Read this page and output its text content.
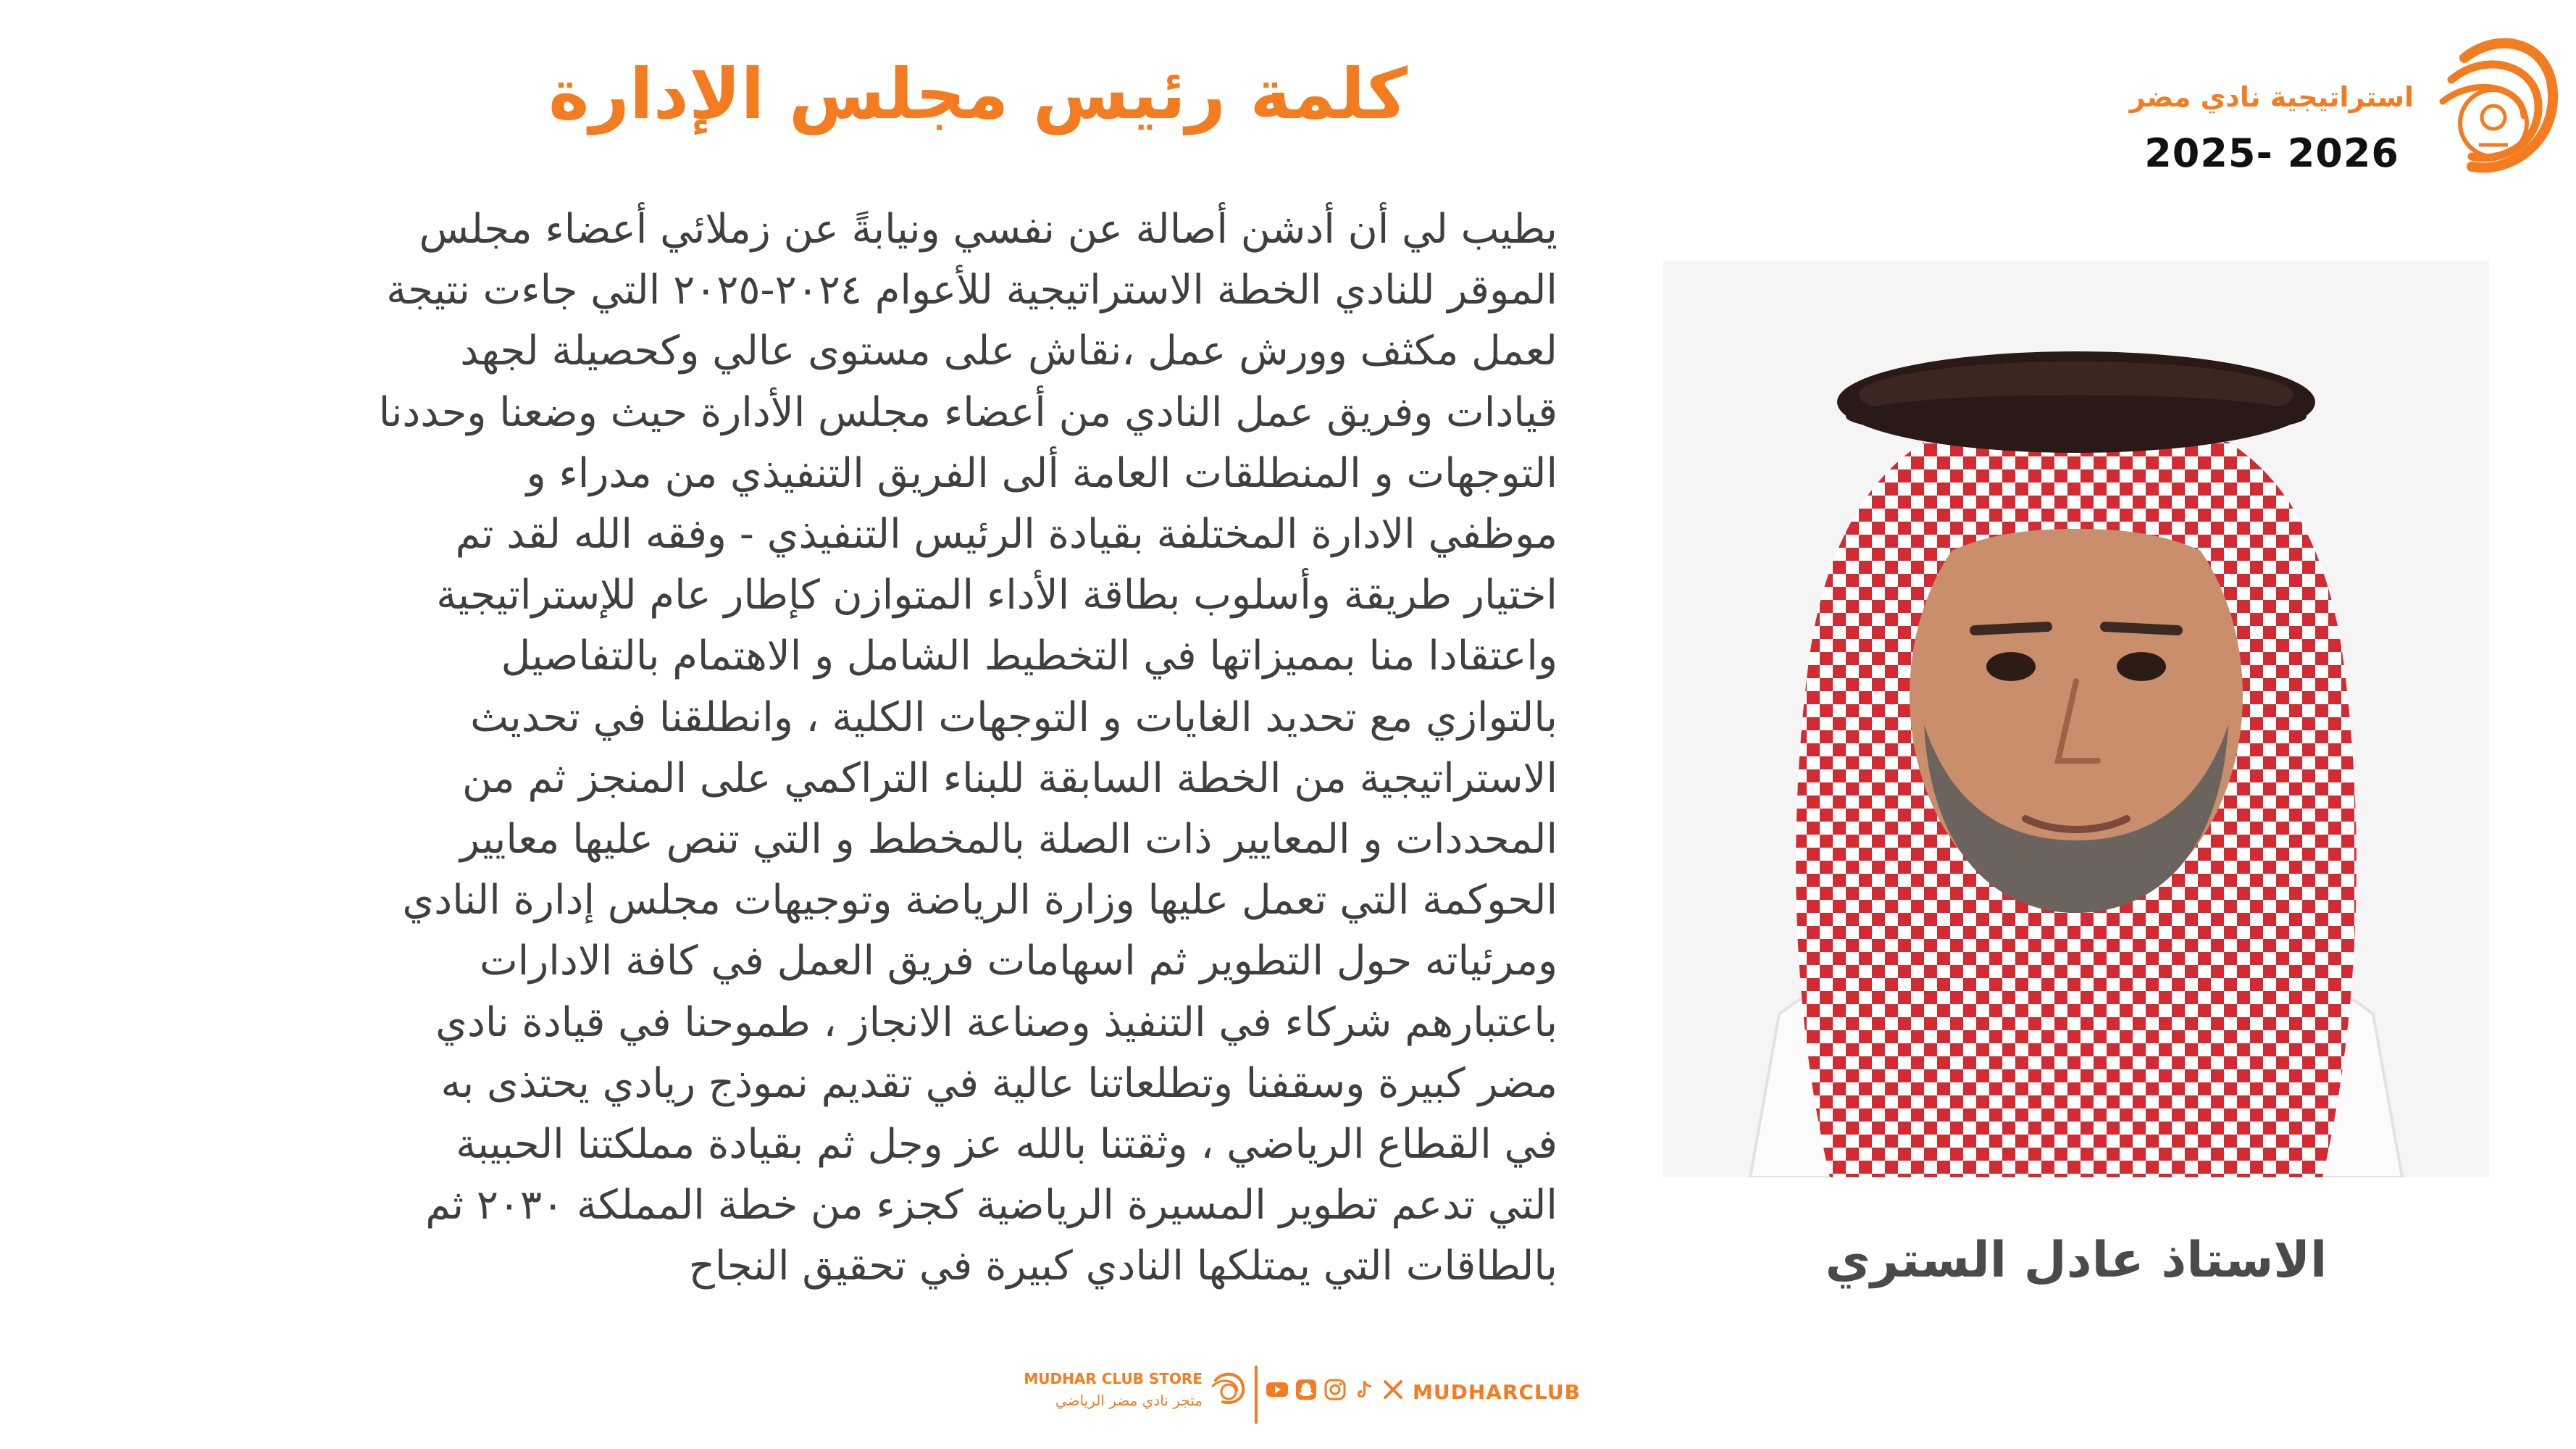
كلمة رئيس مجلس الإدارة	استراتيجية نادي مضر
2025- 2026
يطيب لي أن أدشن أصالة عن نفسي ونيابةً عن زملائي أعضاء مجلس
الموقر للنادي الخطة الاستراتيجية للأعوام ٢٠٢٤-٢٠٢٥ التي جاءت نتيجة
لعمل مكثف وورش عمل ،نقاش على مستوى عالي وكحصيلة لجهد
قيادات وفريق عمل النادي من أعضاء مجلس الأدارة حيث وضعنا وحددنا
التوجهات و المنطلقات العامة ألى الفريق التنفيذي من مدراء و
موظفي الادارة المختلفة بقيادة الرئيس التنفيذي - وفقه الله لقد تم
اختيار طريقة وأسلوب بطاقة الأداء المتوازن كإطار عام للإستراتيجية
واعتقادا منا بمميزاتها في التخطيط الشامل و الاهتمام بالتفاصيل
بالتوازي مع تحديد الغايات و التوجهات الكلية ، وانطلقنا في تحديث
الاستراتيجية من الخطة السابقة للبناء التراكمي على المنجز ثم من
المحددات و المعايير ذات الصلة بالمخطط و التي تنص عليها معايير
الحوكمة التي تعمل عليها وزارة الرياضة وتوجيهات مجلس إدارة النادي
ومرئياته حول التطوير ثم اسهامات فريق العمل في كافة الادارات
باعتبارهم شركاء في التنفيذ وصناعة الانجاز ، طموحنا في قيادة نادي
مضر كبيرة وسقفنا وتطلعاتنا عالية في تقديم نموذج ريادي يحتذى به
في القطاع الرياضي ، وثقتنا بالله عز وجل ثم بقيادة مملكتنا الحبيبة
التي تدعم تطوير المسيرة الرياضية كجزء من خطة المملكة ٢٠٣٠ ثم
بالطاقات التي يمتلكها النادي كبيرة في تحقيق النجاح	الاستاذ عادل الستري
MUDHAR CLUB STORE
متجر نادي مضر الرياضي	MUDHARCLUB
